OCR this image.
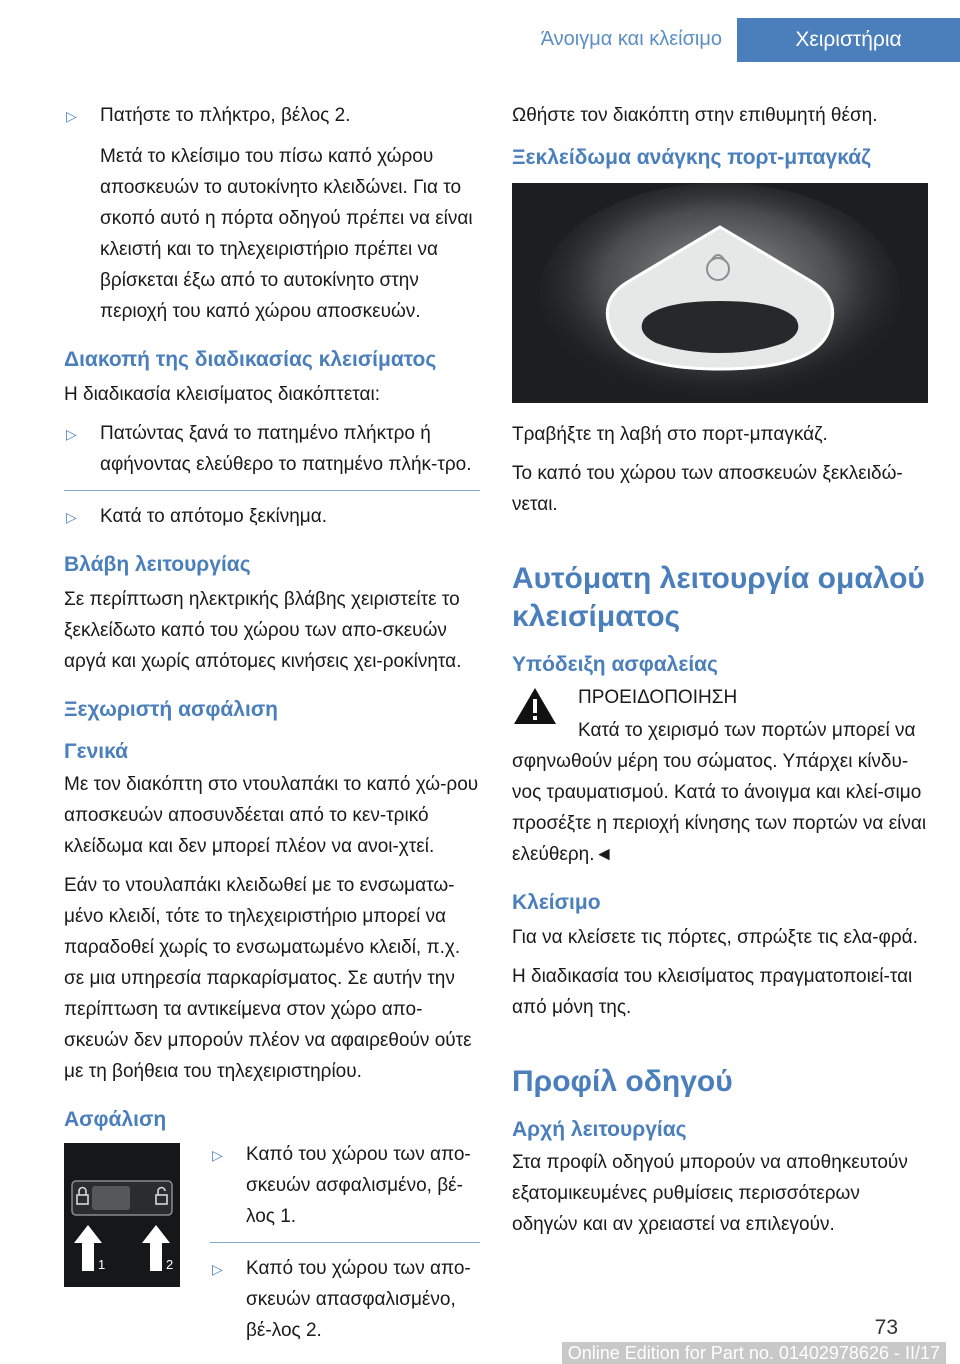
Άνοιγμα και κλείσιμο	Χειριστήρια
▷ Πατήστε το πλήκτρο, βέλος 2.

Μετά το κλείσιμο του πίσω καπό χώρου αποσκευών το αυτοκίνητο κλειδώνει. Για το σκοπό αυτό η πόρτα οδηγού πρέπει να είναι κλειστή και το τηλεχειριστήριο πρέπει να βρίσκεται έξω από το αυτοκίνητο στην περιοχή του καπό χώρου αποσκευών.

Διακοπή της διαδικασίας κλεισίματος

Η διαδικασία κλεισίματος διακόπτεται:

▷ Πατώντας ξανά το πατημένο πλήκτρο ή αφήνοντας ελεύθερο το πατημένο πλήκ-τρο.
▷ Κατά το απότομο ξεκίνημα.
Βλάβη λειτουργίας

Σε περίπτωση ηλεκτρικής βλάβης χειριστείτε το ξεκλείδωτο καπό του χώρου των απο-σκευών αργά και χωρίς απότομες κινήσεις χει-ροκίνητα.

Ξεχωριστή ασφάλιση
Γενικά

Με τον διακόπτη στο ντουλαπάκι το καπό χώ-ρου αποσκευών αποσυνδέεται από το κεν-τρικό κλείδωμα και δεν μπορεί πλέον να ανοι-χτεί.

Εάν το ντουλαπάκι κλειδωθεί με το ενσωματω-μένο κλειδί, τότε το τηλεχειριστήριο μπορεί να παραδοθεί χωρίς το ενσωματωμένο κλειδί, π.χ. σε μια υπηρεσία παρκαρίσματος. Σε αυτήν την περίπτωση τα αντικείμενα στον χώρο απο-σκευών δεν μπορούν πλέον να αφαιρεθούν ούτε με τη βοήθεια του τηλεχειριστηρίου.

Ασφάλιση
1	2
▷ Καπό του χώρου των απο-σκευών ασφαλισμένο, βέ-λος 1.
▷ Καπό του χώρου των απο-σκευών απασφαλισμένο, βέ-λος 2.

Ωθήστε τον διακόπτη στην επιθυμητή θέση.

Ξεκλείδωμα ανάγκης πορτ-μπαγκάζ

Τραβήξτε τη λαβή στο πορτ-μπαγκάζ.

Το καπό του χώρου των αποσκευών ξεκλειδώ-νεται.

Αυτόματη λειτουργία ομαλού κλεισίματος
Υπόδειξη ασφαλείας

ΠΡΟΕΙΔΟΠΟΙΗΣΗ

Κατά το χειρισμό των πορτών μπορεί να σφηνωθούν μέρη του σώματος. Υπάρχει κίνδυ-νος τραυματισμού. Κατά το άνοιγμα και κλεί-σιμο προσέξτε η περιοχή κίνησης των πορτών να είναι ελεύθερη.◄

Κλείσιμο

Για να κλείσετε τις πόρτες, σπρώξτε τις ελα-φρά.

Η διαδικασία του κλεισίματος πραγματοποιεί-ται από μόνη της.

Προφίλ οδηγού
Αρχή λειτουργίας

Στα προφίλ οδηγού μπορούν να αποθηκευτούν εξατομικευμένες ρυθμίσεις περισσότερων οδηγών και αν χρειαστεί να επιλεγούν.

73
Online Edition for Part no. 01402978626 - II/17
